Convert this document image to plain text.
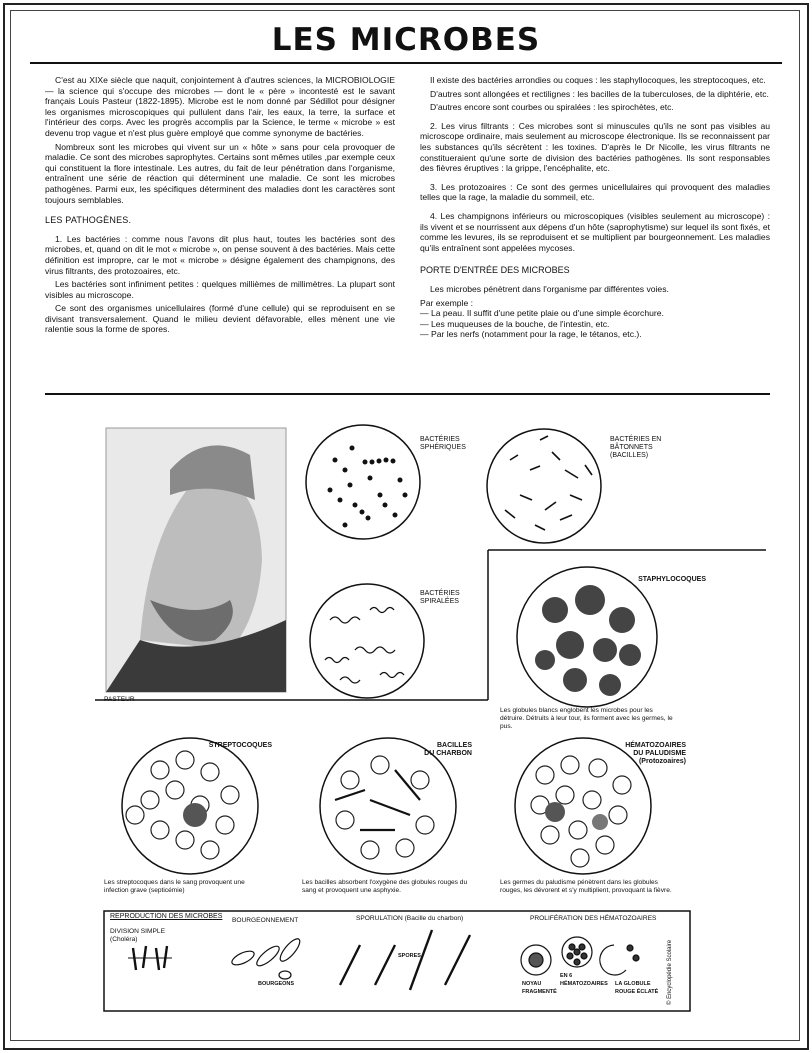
LES MICROBES

C'est au XIXe siècle que naquit, conjointement à d'autres sciences, la MICROBIOLOGIE — la science qui s'occupe des microbes — dont le « père » incontesté est le savant français Louis Pasteur (1822-1895). Microbe est le nom donné par Sédillot pour désigner les organismes microscopiques qui pullulent dans l'air, les eaux, la terre, la surface et l'intérieur des corps. Avec les progrès accomplis par la Science, le terme « microbe » est devenu trop vague et n'est plus guère employé que comme synonyme de bactéries.

Nombreux sont les microbes qui vivent sur un « hôte » sans pour cela provoquer de maladie. Ce sont des microbes saprophytes. Certains sont mêmes utiles ,par exemple ceux qui constituent la flore intestinale. Les autres, du fait de leur pénétration dans l'organisme, entraînent une série de réaction qui déterminent une maladie. Ce sont les microbes pathogènes. Parmi eux, les spécifiques déterminent des maladies dont les caractères sont toujours semblables.

LES PATHOGÈNES.

1. Les bactéries : comme nous l'avons dit plus haut, toutes les bactéries sont des microbes, et, quand on dit le mot « microbe », on pense souvent à des bactéries. Mais cette définition est impropre, car le mot « microbe » désigne également des champignons, des virus filtrants, des protozoaires, etc.

Les bactéries sont infiniment petites : quelques millièmes de millimètres. La plupart sont visibles au microscope.

Ce sont des organismes unicellulaires (formé d'une cellule) qui se reproduisent en se divisant transversalement. Quand le milieu devient défavorable, elles mènent une vie ralentie sous la forme de spores.

Il existe des bactéries arrondies ou coques : les staphyllocoques, les streptocoques, etc.

D'autres sont allongées et rectilignes : les bacilles de la tuberculoses, de la diphtérie, etc.

D'autres encore sont courbes ou spiralées : les spirochètes, etc.

2. Les virus filtrants : Ces microbes sont si minuscules qu'ils ne sont pas visibles au microscope ordinaire, mais seulement au microscope électronique. Ils se reconnaissent par les substances qu'ils sécrètent : les toxines. D'après le Dr Nicolle, les virus filtrants ne constitueraient qu'une sorte de division des bactéries pathogènes. Ils sont responsables des fièvres éruptives : la grippe, l'encéphalite, etc.

3. Les protozoaires : Ce sont des germes unicellulaires qui provoquent des maladies telles que la rage, la maladie du sommeil, etc.

4. Les champignons inférieurs ou microscopiques (visibles seulement au microscope) : ils vivent et se nourrissent aux dépens d'un hôte (saprophytisme) sur lequel ils sont fixés, et comme les levures, ils se reproduisent et se multiplient par bourgeonnement. Les maladies qu'ils entraînent sont appelées mycoses.

PORTE D'ENTRÉE DES MICROBES

Les microbes pénètrent dans l'organisme par différentes voies.

Par exemple :

— La peau. Il suffit d'une petite plaie ou d'une simple écorchure.

— Les muqueuses de la bouche, de l'intestin, etc.

— Par les nerfs (notamment pour la rage, le tétanos, etc.).

PASTEUR
BACTÉRIES
SPHÉRIQUES
BACTÉRIES EN
BÂTONNETS
(BACILLES)
BACTÉRIES
SPIRALÉES
STAPHYLOCOQUES
Les globules blancs englobent les microbes pour les détruire. Détruits à leur tour, ils forment avec les germes, le pus.
STREPTOCOQUES
Les streptocoques dans le sang provoquent une infection grave (septicémie)
BACILLES
DU CHARBON
Les bacilles absorbent l'oxygène des globules rouges du sang et provoquent une asphyxie.
HÉMATOZOAIRES
DU PALUDISME
(Protozoaires)
Les germes du paludisme pénètrent dans les globules rouges, les dévorent et s'y multiplient, provoquant la fièvre.
REPRODUCTION DES MICROBES
DIVISION SIMPLE
(Choléra)
BOURGEONNEMENT
BOURGEONS
SPORULATION (Bacille du charbon)
SPORES
PROLIFÉRATION DES HÉMATOZOAIRES
NOYAU
FRAGMENTÉ
EN 6
HÉMATOZOAIRES LA GLOBULE
ROUGE ÉCLATÉ © Encyclopédie Scolaire
